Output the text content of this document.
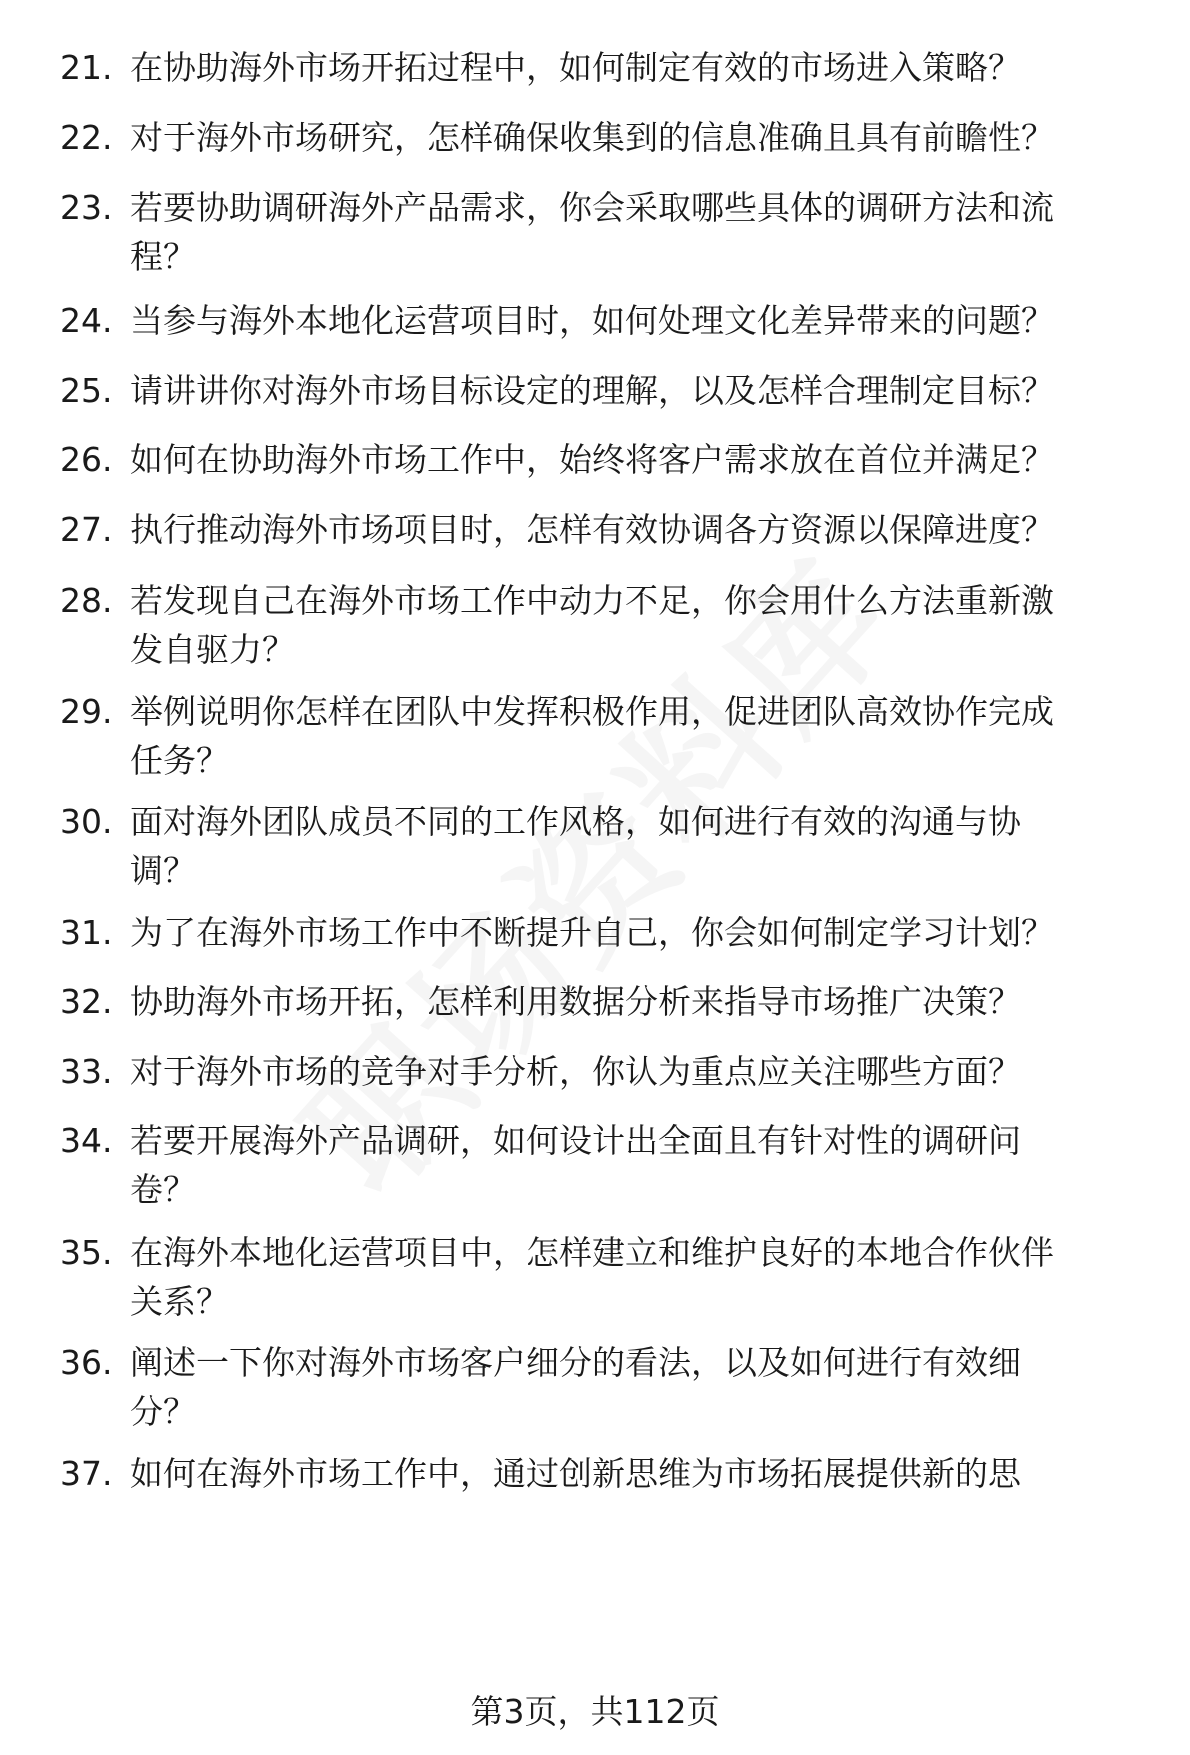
21. 在协助海外市场开拓过程中，如何制定有效的市场进入策略？
22. 对于海外市场研究，怎样确保收集到的信息准确且具有前瞻性？
23. 若要协助调研海外产品需求，你会采取哪些具体的调研方法和流
程？
24. 当参与海外本地化运营项目时，如何处理文化差异带来的问题？
25. 请讲讲你对海外市场目标设定的理解，以及怎样合理制定目标？
26. 如何在协助海外市场工作中，始终将客户需求放在首位并满足？
27. 执行推动海外市场项目时，怎样有效协调各方资源以保障进度？
28. 若发现自己在海外市场工作中动力不足，你会用什么方法重新激
发自驱力？
29. 举例说明你怎样在团队中发挥积极作用，促进团队高效协作完成
任务？
30. 面对海外团队成员不同的工作风格，如何进行有效的沟通与协
调？
31. 为了在海外市场工作中不断提升自己，你会如何制定学习计划？
32. 协助海外市场开拓，怎样利用数据分析来指导市场推广决策？
33. 对于海外市场的竞争对手分析，你认为重点应关注哪些方面？
34. 若要开展海外产品调研，如何设计出全面且有针对性的调研问
卷？
35. 在海外本地化运营项目中，怎样建立和维护良好的本地合作伙伴
关系？
36. 阐述一下你对海外市场客户细分的看法，以及如何进行有效细
分？
37. 如何在海外市场工作中，通过创新思维为市场拓展提供新的思
第3页，共112页
